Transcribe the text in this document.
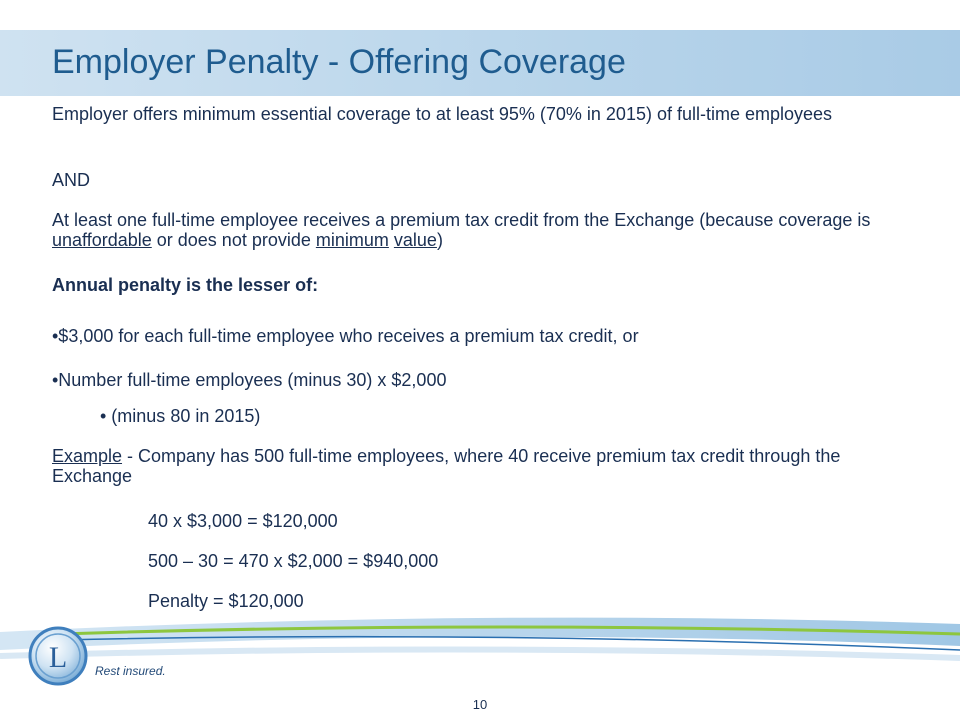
Employer Penalty - Offering Coverage

Employer offers minimum essential coverage to at least 95% (70% in 2015) of full-time employees

AND

At least one full-time employee receives a premium tax credit from the Exchange (because coverage is unaffordable or does not provide minimum value)

Annual penalty is the lesser of:

•$3,000 for each full-time employee who receives a premium tax credit, or

•Number full-time employees (minus 30) x $2,000

• (minus 80 in 2015)

Example - Company has 500 full-time employees, where 40 receive premium tax credit through the Exchange

40 x $3,000 = $120,000
500 – 30 = 470 x $2,000 = $940,000
Penalty = $120,000
L Rest insured.
10
